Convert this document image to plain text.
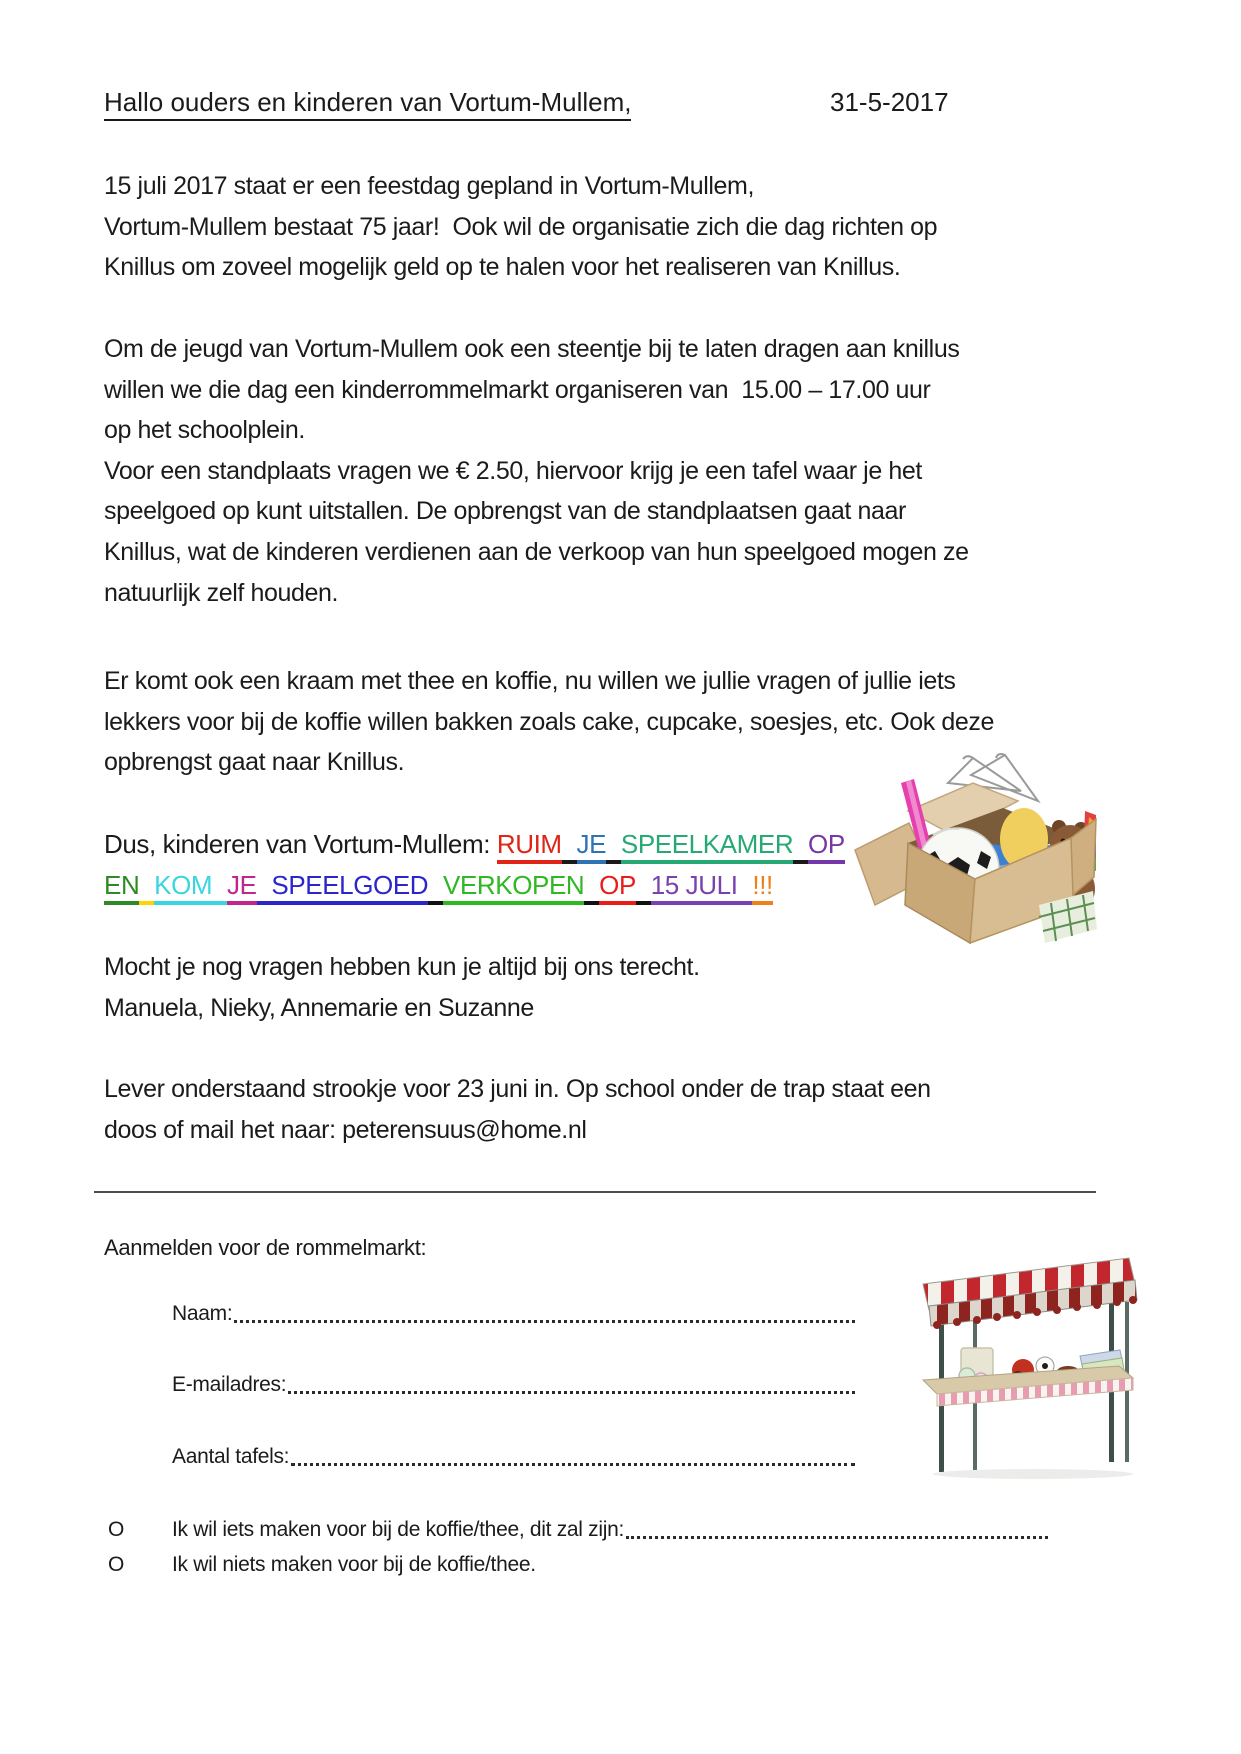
Hallo ouders en kinderen van Vortum-Mullem,	31-5-2017
15 juli 2017 staat er een feestdag gepland in Vortum-Mullem,
Vortum-Mullem bestaat 75 jaar!  Ook wil de organisatie zich die dag richten op
Knillus om zoveel mogelijk geld op te halen voor het realiseren van Knillus.
Om de jeugd van Vortum-Mullem ook een steentje bij te laten dragen aan knillus
willen we die dag een kinderrommelmarkt organiseren van  15.00 – 17.00 uur
op het schoolplein.
Voor een standplaats vragen we € 2.50, hiervoor krijg je een tafel waar je het
speelgoed op kunt uitstallen. De opbrengst van de standplaatsen gaat naar
Knillus, wat de kinderen verdienen aan de verkoop van hun speelgoed mogen ze
natuurlijk zelf houden.
Er komt ook een kraam met thee en koffie, nu willen we jullie vragen of jullie iets
lekkers voor bij de koffie willen bakken zoals cake, cupcake, soesjes, etc. Ook deze
opbrengst gaat naar Knillus.
Dus, kinderen van Vortum-Mullem: RUIM JE SPEELKAMER OP
EN KOM JE SPEELGOED VERKOPEN OP 15 JULI !!!
Mocht je nog vragen hebben kun je altijd bij ons terecht.
Manuela, Nieky, Annemarie en Suzanne
Lever onderstaand strookje voor 23 juni in. Op school onder de trap staat een
doos of mail het naar: peterensuus@home.nl
Aanmelden voor de rommelmarkt:
Naam:
E-mailadres:
Aantal tafels:
O	Ik wil iets maken voor bij de koffie/thee, dit zal zijn:
O	Ik wil niets maken voor bij de koffie/thee.
